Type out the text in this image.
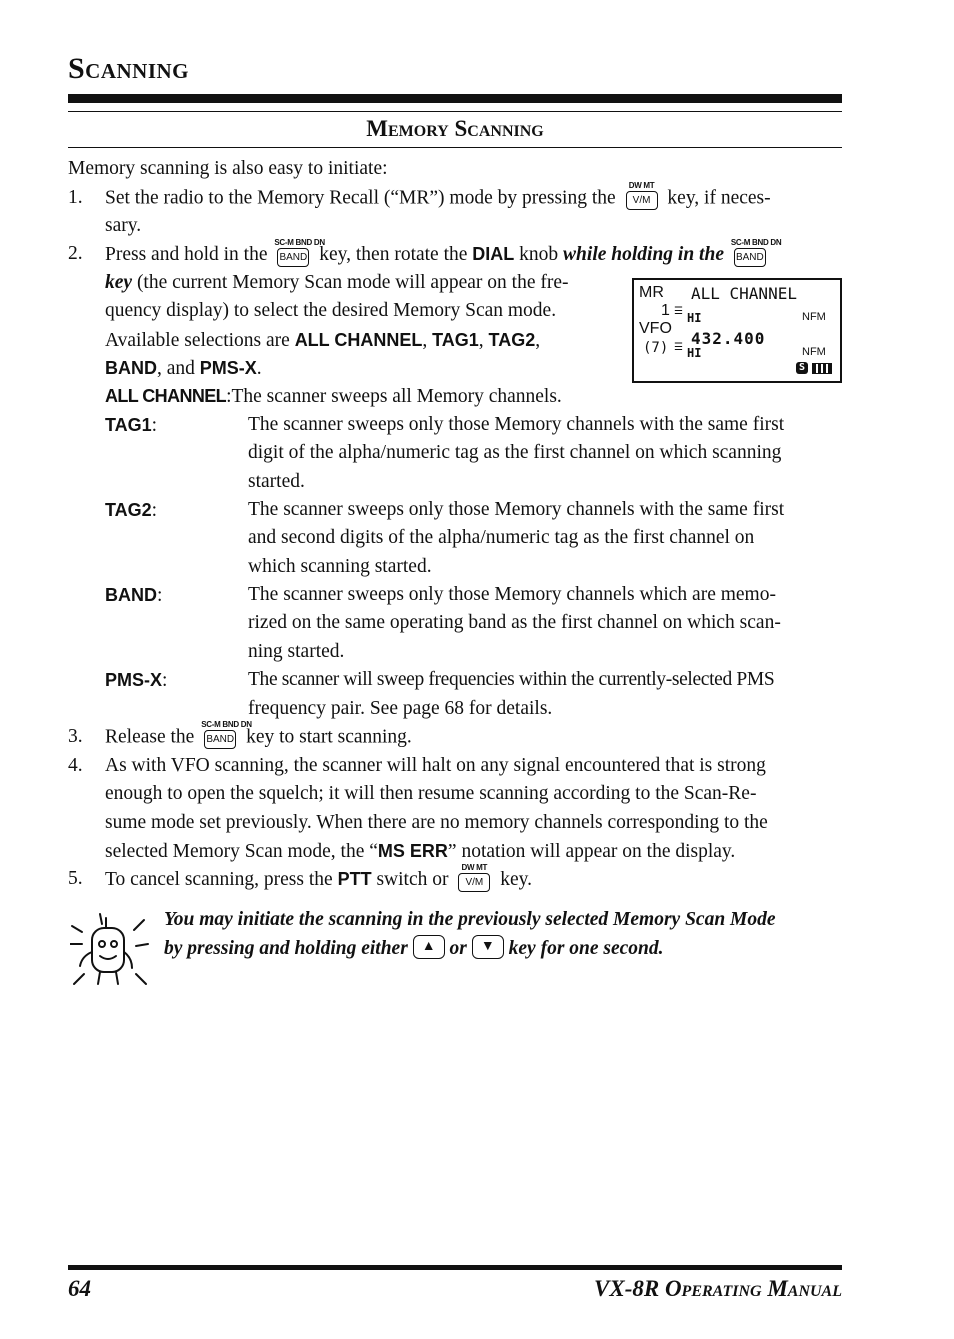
Scanning
Memory Scanning
Memory scanning is also easy to initiate:
1. Set the radio to the Memory Recall (“MR”) mode by pressing the
DW MT
V/M key, if neces-
sary.
2. Press and hold in the
SC-M BND DN
BAND key, then rotate the DIAL knob while holding in the
SC-M BND DN
BAND
key (the current Memory Scan mode will appear on the fre-
quency display) to select the desired Memory Scan mode.
Available selections are ALL CHANNEL, TAG1, TAG2,
BAND, and PMS-X.
MR ALL CHANNEL
1 ☰ HI	NFM
VFO
432.400
(7) ☰ HI	NFM
S
ALL CHANNEL:The scanner sweeps all Memory channels.
TAG1:	The scanner sweeps only those Memory channels with the same first
digit of the alpha/numeric tag as the first channel on which scanning
started.
TAG2:	The scanner sweeps only those Memory channels with the same first
and second digits of the alpha/numeric tag as the first channel on
which scanning started.
BAND:	The scanner sweeps only those Memory channels which are memo-
rized on the same operating band as the first channel on which scan-
ning started.
PMS-X:	The scanner will sweep frequencies within the currently-selected PMS
frequency pair. See page 68 for details.
3. Release the
SC-M BND DN
BAND key to start scanning.
4. As with VFO scanning, the scanner will halt on any signal encountered that is strong
enough to open the squelch; it will then resume scanning according to the Scan-Re-
sume mode set previously. When there are no memory channels corresponding to the
selected Memory Scan mode, the “MS ERR” notation will appear on the display.
5. To cancel scanning, press the PTT switch or
DW MT
V/M key.
You may initiate the scanning in the previously selected Memory Scan Mode
by pressing and holding either ▲ or ▼ key for one second.
64	VX-8R Operating Manual
